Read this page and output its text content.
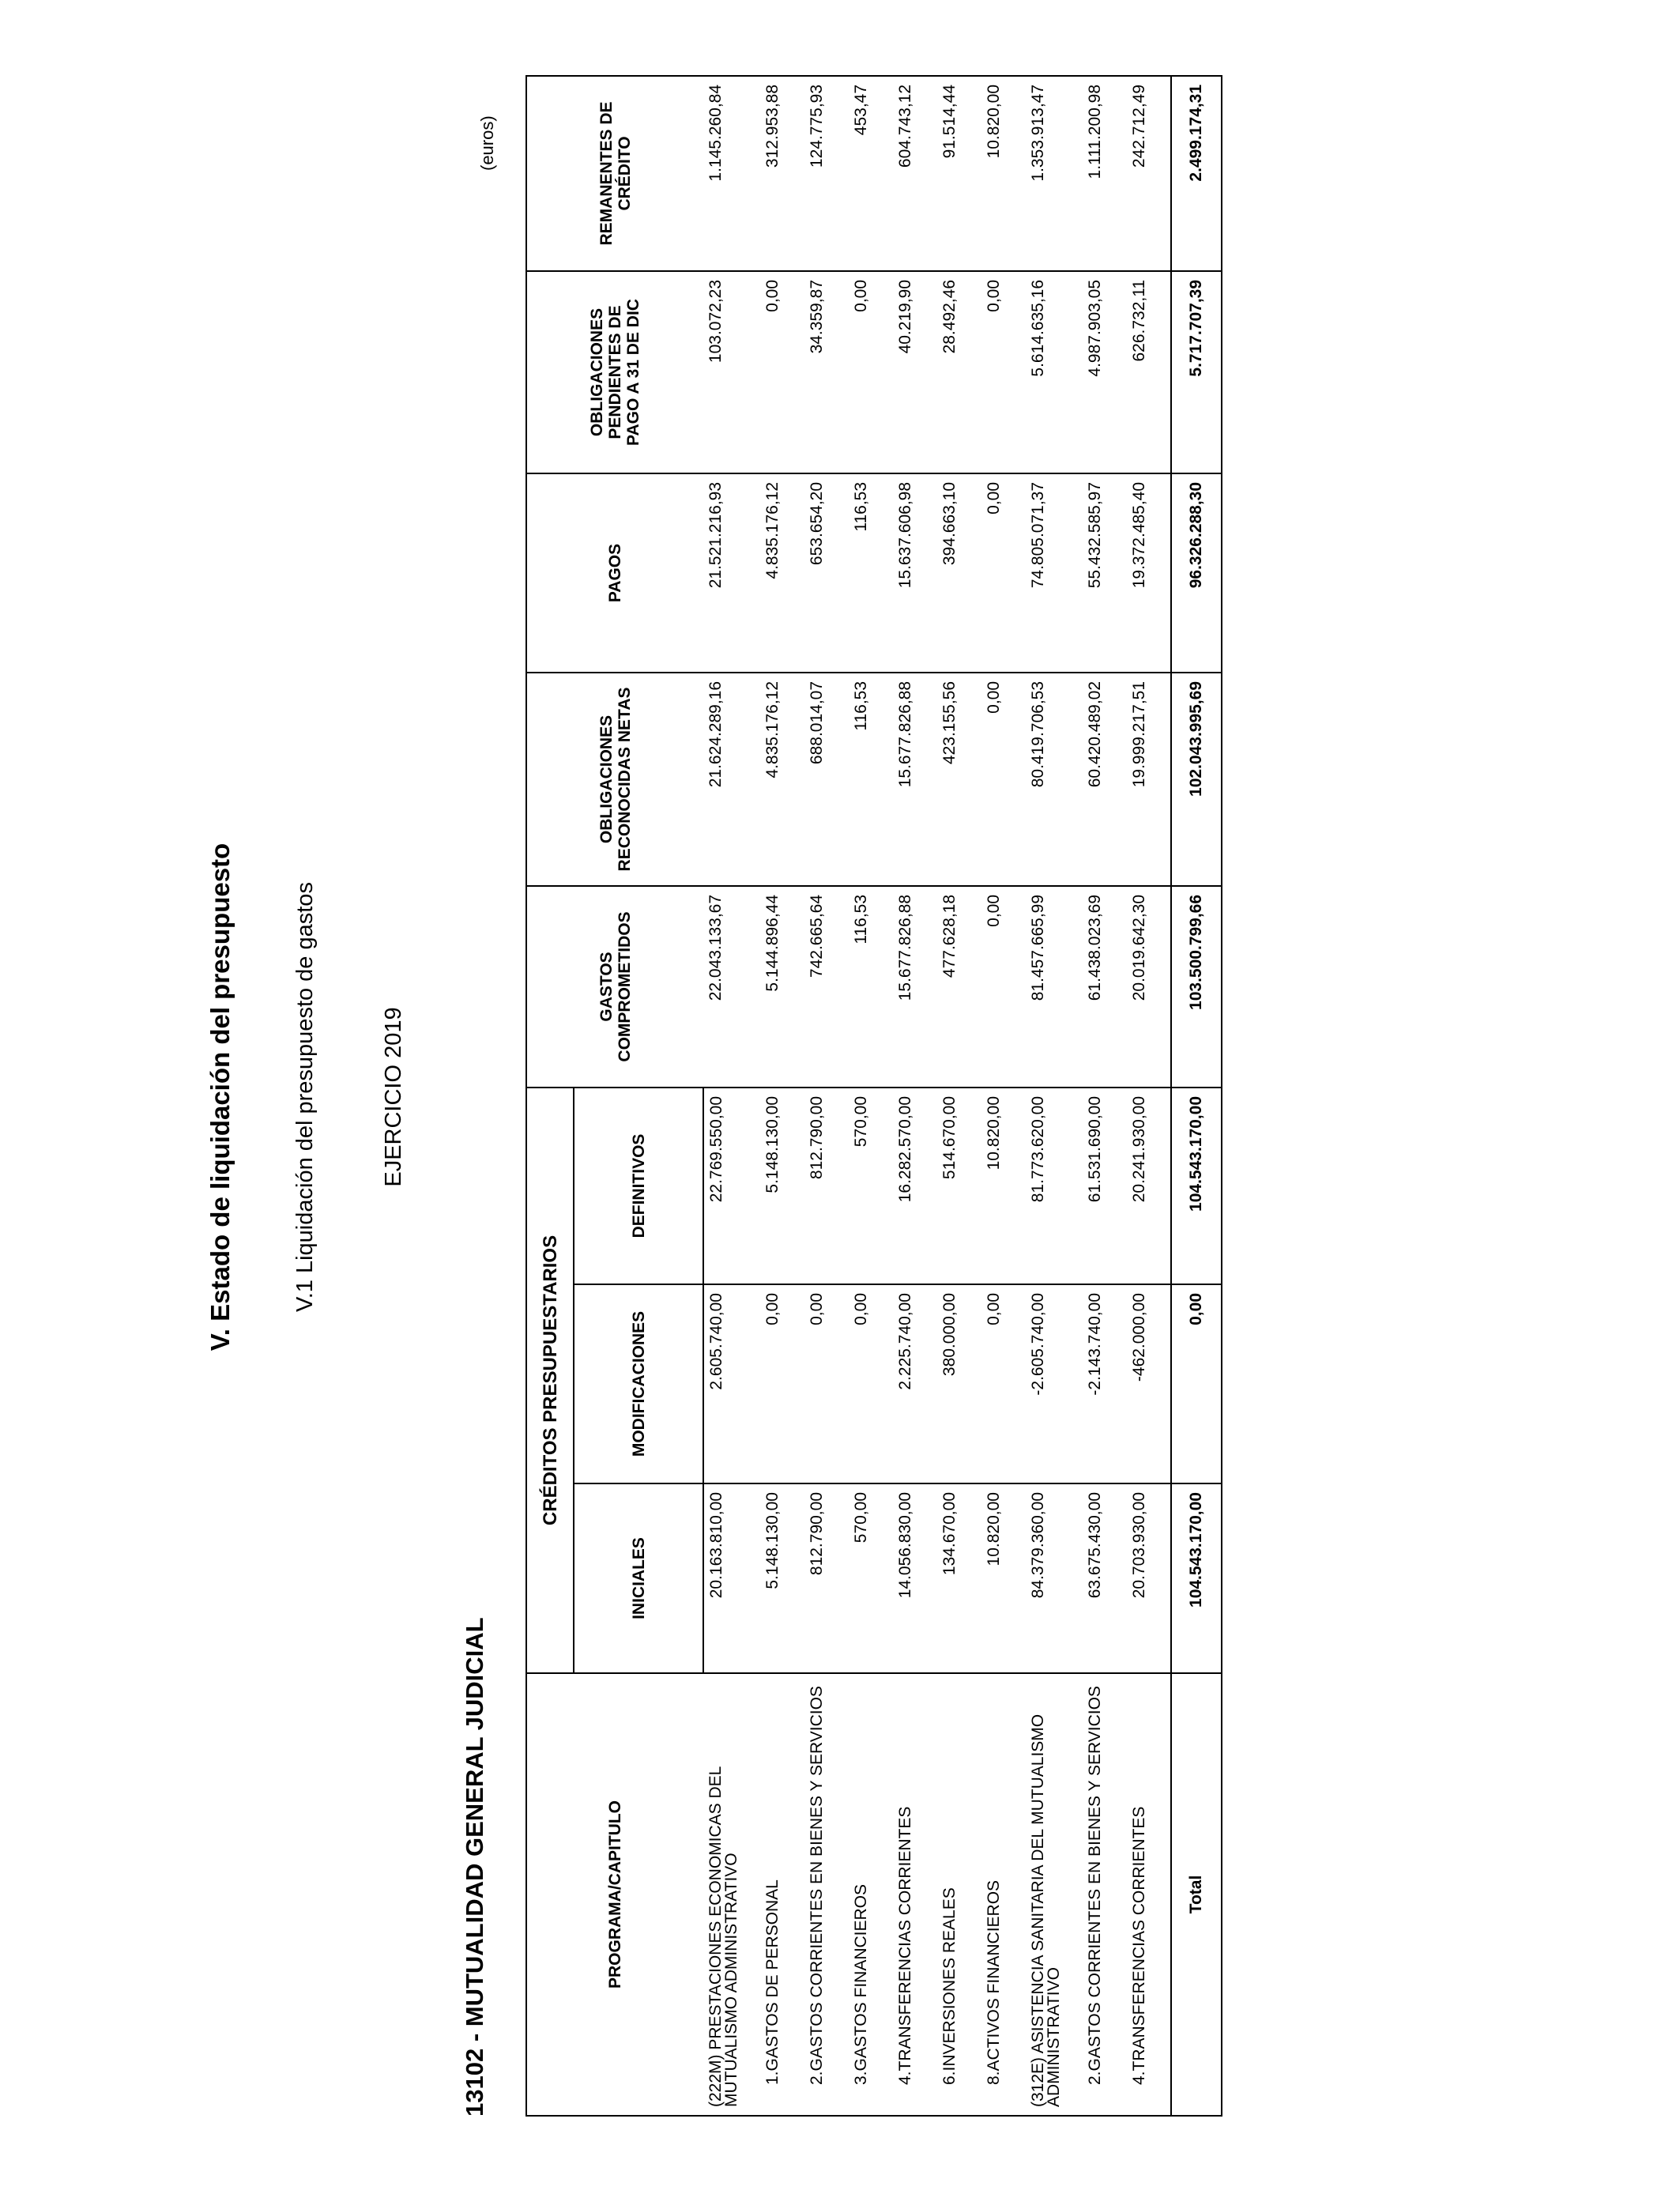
V. Estado de liquidación del presupuesto	V.1 Liquidación del presupuesto de gastos	EJERCICIO 2019
13102 - MUTUALIDAD GENERAL JUDICIAL
(euros)
PROGRAMA/CAPITULO	CRÉDITOS PRESUPUESTARIOS			GASTOS COMPROMETIDOS	OBLIGACIONES RECONOCIDAS NETAS	PAGOS	OBLIGACIONES PENDIENTES DE PAGO A 31 DE DIC	REMANENTES DE CRÉDITO
	INICIALES	MODIFICACIONES	DEFINITIVOS					
(222M) PRESTACIONES ECONOMICAS DEL MUTUALISMO ADMINISTRATIVO	20.163.810,00	2.605.740,00	22.769.550,00	22.043.133,67	21.624.289,16	21.521.216,93	103.072,23	1.145.260,84
1.GASTOS DE PERSONAL	5.148.130,00	0,00	5.148.130,00	5.144.896,44	4.835.176,12	4.835.176,12	0,00	312.953,88
2.GASTOS CORRIENTES EN BIENES Y SERVICIOS	812.790,00	0,00	812.790,00	742.665,64	688.014,07	653.654,20	34.359,87	124.775,93
3.GASTOS FINANCIEROS	570,00	0,00	570,00	116,53	116,53	116,53	0,00	453,47
4.TRANSFERENCIAS CORRIENTES	14.056.830,00	2.225.740,00	16.282.570,00	15.677.826,88	15.677.826,88	15.637.606,98	40.219,90	604.743,12
6.INVERSIONES REALES	134.670,00	380.000,00	514.670,00	477.628,18	423.155,56	394.663,10	28.492,46	91.514,44
8.ACTIVOS FINANCIEROS	10.820,00	0,00	10.820,00	0,00	0,00	0,00	0,00	10.820,00
(312E) ASISTENCIA SANITARIA DEL MUTUALISMO ADMINISTRATIVO	84.379.360,00	-2.605.740,00	81.773.620,00	81.457.665,99	80.419.706,53	74.805.071,37	5.614.635,16	1.353.913,47
2.GASTOS CORRIENTES EN BIENES Y SERVICIOS	63.675.430,00	-2.143.740,00	61.531.690,00	61.438.023,69	60.420.489,02	55.432.585,97	4.987.903,05	1.111.200,98
4.TRANSFERENCIAS CORRIENTES	20.703.930,00	-462.000,00	20.241.930,00	20.019.642,30	19.999.217,51	19.372.485,40	626.732,11	242.712,49
Total	104.543.170,00	0,00	104.543.170,00	103.500.799,66	102.043.995,69	96.326.288,30	5.717.707,39	2.499.174,31
